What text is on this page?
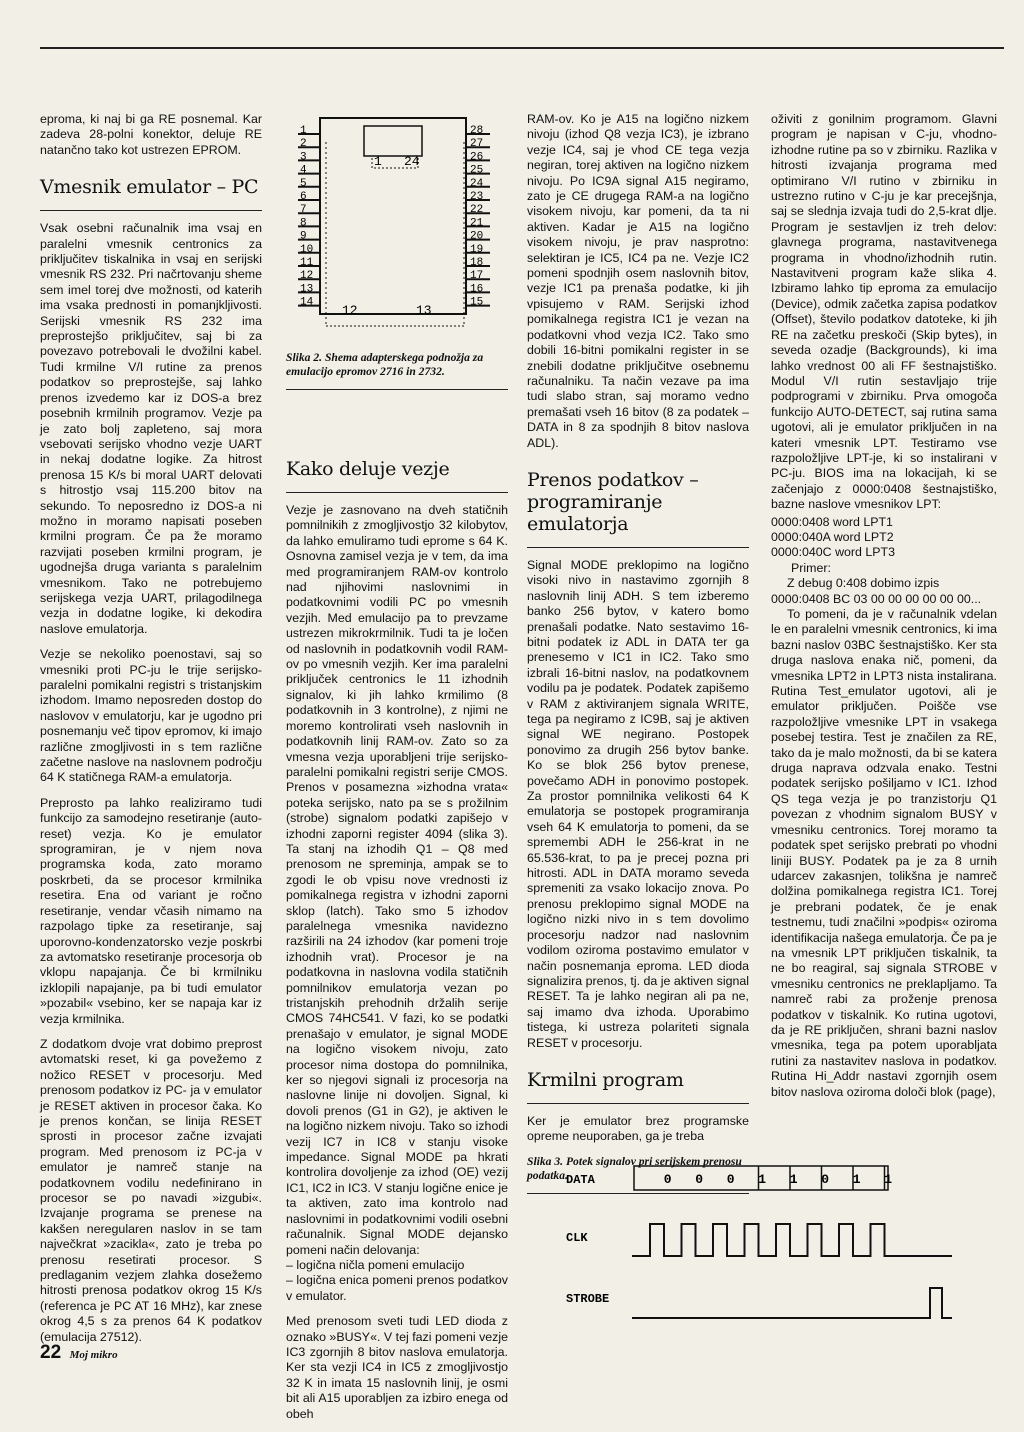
eproma, ki naj bi ga RE posnemal. Kar zadeva 28-polni konektor, deluje RE natančno tako kot ustrezen EPROM.

Vmesnik emulator – PC

Vsak osebni računalnik ima vsaj en paralelni vmesnik centronics za priključitev tiskalnika in vsaj en serijski vmesnik RS 232. Pri načrtovanju sheme sem imel torej dve možnosti, od katerih ima vsaka prednosti in pomanjkljivosti. Serijski vmesnik RS 232 ima preprostejšo priključitev, saj bi za povezavo potrebovali le dvožilni kabel. Tudi krmilne V/I rutine za prenos podatkov so preprostejše, saj lahko prenos izvedemo kar iz DOS-a brez posebnih krmilnih programov. Vezje pa je zato bolj zapleteno, saj mora vsebovati serijsko vhodno vezje UART in nekaj dodatne logike. Za hitrost prenosa 15 K/s bi moral UART delovati s hitrostjo vsaj 115.200 bitov na sekundo. To neposredno iz DOS-a ni možno in moramo napisati poseben krmilni program. Če pa že moramo razvijati poseben krmilni program, je ugodnejša druga varianta s paralelnim vmesnikom. Tako ne potrebujemo serijskega vezja UART, prilagodilnega vezja in dodatne logike, ki dekodira naslove emulatorja.

Vezje se nekoliko poenostavi, saj so vmesniki proti PC-ju le trije serijsko-paralelni pomikalni registri s tristanjskim izhodom. Imamo neposreden dostop do naslovov v emulatorju, kar je ugodno pri posnemanju več tipov epromov, ki imajo različne zmogljivosti in s tem različne začetne naslove na naslovnem področju 64 K statičnega RAM-a emulatorja.

Preprosto pa lahko realiziramo tudi funkcijo za samodejno resetiranje (auto-reset) vezja. Ko je emulator sprogramiran, je v njem nova programska koda, zato moramo poskrbeti, da se procesor krmilnika resetira. Ena od variant je ročno resetiranje, vendar včasih nimamo na razpolago tipke za resetiranje, saj uporovno-kondenzatorsko vezje poskrbi za avtomatsko resetiranje procesorja ob vklopu napajanja. Če bi krmilniku izklopili napajanje, pa bi tudi emulator »pozabil« vsebino, ker se napaja kar iz vezja krmilnika.

Z dodatkom dvoje vrat dobimo preprost avtomatski reset, ki ga povežemo z nožico RESET v procesorju. Med prenosom podatkov iz PC- ja v emulator je RESET aktiven in procesor čaka. Ko je prenos končan, se linija RESET sprosti in procesor začne izvajati program. Med prenosom iz PC-ja v emulator je namreč stanje na podatkovnem vodilu nedefinirano in procesor se po navadi »izgubi«. Izvajanje programa se prenese na kakšen neregularen naslov in se tam največkrat »zacikla«, zato je treba po prenosu resetirati procesor. S predlaganim vezjem zlahka dosežemo hitrosti prenosa podatkov okrog 15 K/s (referenca je PC AT 16 MHz), kar znese okrog 4,5 s za prenos 64 K podatkov (emulacija 27512).

1
2
3
4
5
6
7
8
9
10
11
12
13
14
28
27
26
25
24
23
22
21
20
19
18
17
16
15
1 24
12	13
Slika 2. Shema adapterskega podnožja za emulacijo epromov 2716 in 2732.
Kako deluje vezje

Vezje je zasnovano na dveh statičnih pomnilnikih z zmogljivostjo 32 kilobytov, da lahko emuliramo tudi eprome s 64 K. Osnovna zamisel vezja je v tem, da ima med programiranjem RAM-ov kontrolo nad njihovimi naslovnimi in podatkovnimi vodili PC po vmesnih vezjih. Med emulacijo pa to prevzame ustrezen mikrokrmilnik. Tudi ta je ločen od naslovnih in podatkovnih vodil RAM-ov po vmesnih vezjih. Ker ima paralelni priključek centronics le 11 izhodnih signalov, ki jih lahko krmilimo (8 podatkovnih in 3 kontrolne), z njimi ne moremo kontrolirati vseh naslovnih in podatkovnih linij RAM-ov. Zato so za vmesna vezja uporabljeni trije serijsko-paralelni pomikalni registri serije CMOS. Prenos v posamezna »izhodna vrata« poteka serijsko, nato pa se s prožilnim (strobe) signalom podatki zapišejo v izhodni zaporni register 4094 (slika 3). Ta stanj na izhodih Q1 – Q8 med prenosom ne spreminja, ampak se to zgodi le ob vpisu nove vrednosti iz pomikalnega registra v izhodni zaporni sklop (latch). Tako smo 5 izhodov paralelnega vmesnika navidezno razširili na 24 izhodov (kar pomeni troje izhodnih vrat). Procesor je na podatkovna in naslovna vodila statičnih pomnilnikov emulatorja vezan po tristanjskih prehodnih držalih serije CMOS 74HC541. V fazi, ko se podatki prenašajo v emulator, je signal MODE na logično visokem nivoju, zato procesor nima dostopa do pomnilnika, ker so njegovi signali iz procesorja na naslovne linije ni dovoljen. Signal, ki dovoli prenos (G1 in G2), je aktiven le na logično nizkem nivoju. Tako so izhodi vezij IC7 in IC8 v stanju visoke impedance. Signal MODE pa hkrati kontrolira dovoljenje za izhod (OE) vezij IC1, IC2 in IC3. V stanju logične enice je ta aktiven, zato ima kontrolo nad naslovnimi in podatkovnimi vodili osebni računalnik. Signal MODE dejansko pomeni način delovanja:

– logična ničla pomeni emulacijo

– logična enica pomeni prenos podatkov v emulator.

Med prenosom sveti tudi LED dioda z oznako »BUSY«. V tej fazi pomeni vezje IC3 zgornjih 8 bitov naslova emulatorja. Ker sta vezji IC4 in IC5 z zmogljivostjo 32 K in imata 15 naslovnih linij, je osmi bit ali A15 uporabljen za izbiro enega od obeh

RAM-ov. Ko je A15 na logično nizkem nivoju (izhod Q8 vezja IC3), je izbrano vezje IC4, saj je vhod CE tega vezja negiran, torej aktiven na logično nizkem nivoju. Po IC9A signal A15 negiramo, zato je CE drugega RAM-a na logično visokem nivoju, kar pomeni, da ta ni aktiven. Kadar je A15 na logično visokem nivoju, je prav nasprotno: selektiran je IC5, IC4 pa ne. Vezje IC2 pomeni spodnjih osem naslovnih bitov, vezje IC1 pa prenaša podatke, ki jih vpisujemo v RAM. Serijski izhod pomikalnega registra IC1 je vezan na podatkovni vhod vezja IC2. Tako smo dobili 16-bitni pomikalni register in se znebili dodatne priključitve osebnemu računalniku. Ta način vezave pa ima tudi slabo stran, saj moramo vedno premašati vseh 16 bitov (8 za podatek – DATA in 8 za spodnjih 8 bitov naslova ADL).

Prenos podatkov – programiranje emulatorja

Signal MODE preklopimo na logično visoki nivo in nastavimo zgornjih 8 naslovnih linij ADH. S tem izberemo banko 256 bytov, v katero bomo prenašali podatke. Nato sestavimo 16-bitni podatek iz ADL in DATA ter ga prenesemo v IC1 in IC2. Tako smo izbrali 16-bitni naslov, na podatkovnem vodilu pa je podatek. Podatek zapišemo v RAM z aktiviranjem signala WRITE, tega pa negiramo z IC9B, saj je aktiven signal WE negirano. Postopek ponovimo za drugih 256 bytov banke. Ko se blok 256 bytov prenese, povečamo ADH in ponovimo postopek. Za prostor pomnilnika velikosti 64 K emulatorja se postopek programiranja vseh 64 K emulatorja to pomeni, da se spremembi ADH le 256-krat in ne 65.536-krat, to pa je precej pozna pri hitrosti. ADL in DATA moramo seveda spremeniti za vsako lokacijo znova. Po prenosu preklopimo signal MODE na logično nizki nivo in s tem dovolimo procesorju nadzor nad naslovnim vodilom oziroma postavimo emulator v način posnemanja eproma. LED dioda signalizira prenos, tj. da je aktiven signal RESET. Ta je lahko negiran ali pa ne, saj imamo dva izhoda. Uporabimo tistega, ki ustreza polariteti signala RESET v procesorju.

Krmilni program

Ker je emulator brez programske opreme neuporaben, ga je treba

Slika 3. Potek signalov pri serijskem prenosu podatka.

oživiti z gonilnim programom. Glavni program je napisan v C-ju, vhodno- izhodne rutine pa so v zbirniku. Razlika v hitrosti izvajanja programa med optimirano V/I rutino v zbirniku in ustrezno rutino v C-ju je kar precejšnja, saj se slednja izvaja tudi do 2,5-krat dlje. Program je sestavljen iz treh delov: glavnega programa, nastavitvenega programa in vhodno/izhodnih rutin. Nastavitveni program kaže slika 4. Izbiramo lahko tip eproma za emulacijo (Device), odmik začetka zapisa podatkov (Offset), število podatkov datoteke, ki jih RE na začetku preskoči (Skip bytes), in seveda ozadje (Backgrounds), ki ima lahko vrednost 00 ali FF šestnajstiško. Modul V/I rutin sestavljajo trije podprogrami v zbirniku. Prva omogoča funkcijo AUTO-DETECT, saj rutina sama ugotovi, ali je emulator priključen in na kateri vmesnik LPT. Testiramo vse razpoložljive LPT-je, ki so instalirani v PC-ju. BIOS ima na lokacijah, ki se začenjajo z 0000:0408 šestnajstiško, bazne naslove vmesnikov LPT:

0000:0408 word LPT1
0000:040A word LPT2
0000:040C word LPT3
Primer:
Z debug 0:408 dobimo izpis
0000:0408 BC 03 00 00 00 00 00 00...

To pomeni, da je v računalnik vdelan le en paralelni vmesnik centronics, ki ima bazni naslov 03BC šestnajstiško. Ker sta druga naslova enaka nič, pomeni, da vmesnika LPT2 in LPT3 nista instalirana. Rutina Test_emulator ugotovi, ali je emulator priključen. Poišče vse razpoložljive vmesnike LPT in vsakega posebej testira. Test je značilen za RE, tako da je malo možnosti, da bi se katera druga naprava odzvala enako. Testni podatek serijsko pošiljamo v IC1. Izhod QS tega vezja je po tranzistorju Q1 povezan z vhodnim signalom BUSY v vmesniku centronics. Torej moramo ta podatek spet serijsko prebrati po vhodni liniji BUSY. Podatek pa je za 8 urnih udarcev zakasnjen, tolikšna je namreč dolžina pomikalnega registra IC1. Torej je prebrani podatek, če je enak testnemu, tudi značilni »podpis« oziroma identifikacija našega emulatorja. Če pa je na vmesnik LPT priključen tiskalnik, ta ne bo reagiral, saj signala STROBE v vmesniku centronics ne preklapljamo. Ta namreč rabi za proženje prenosa podatkov v tiskalnik. Ko rutina ugotovi, da je RE priključen, shrani bazni naslov vmesnika, tega pa potem uporabljata rutini za nastavitev naslova in podatkov. Rutina Hi_Addr nastavi zgornjih osem bitov naslova oziroma določi blok (page),

DATA
CLK
STROBE
0 0 0 1 1 0 1 1
22 Moj mikro
